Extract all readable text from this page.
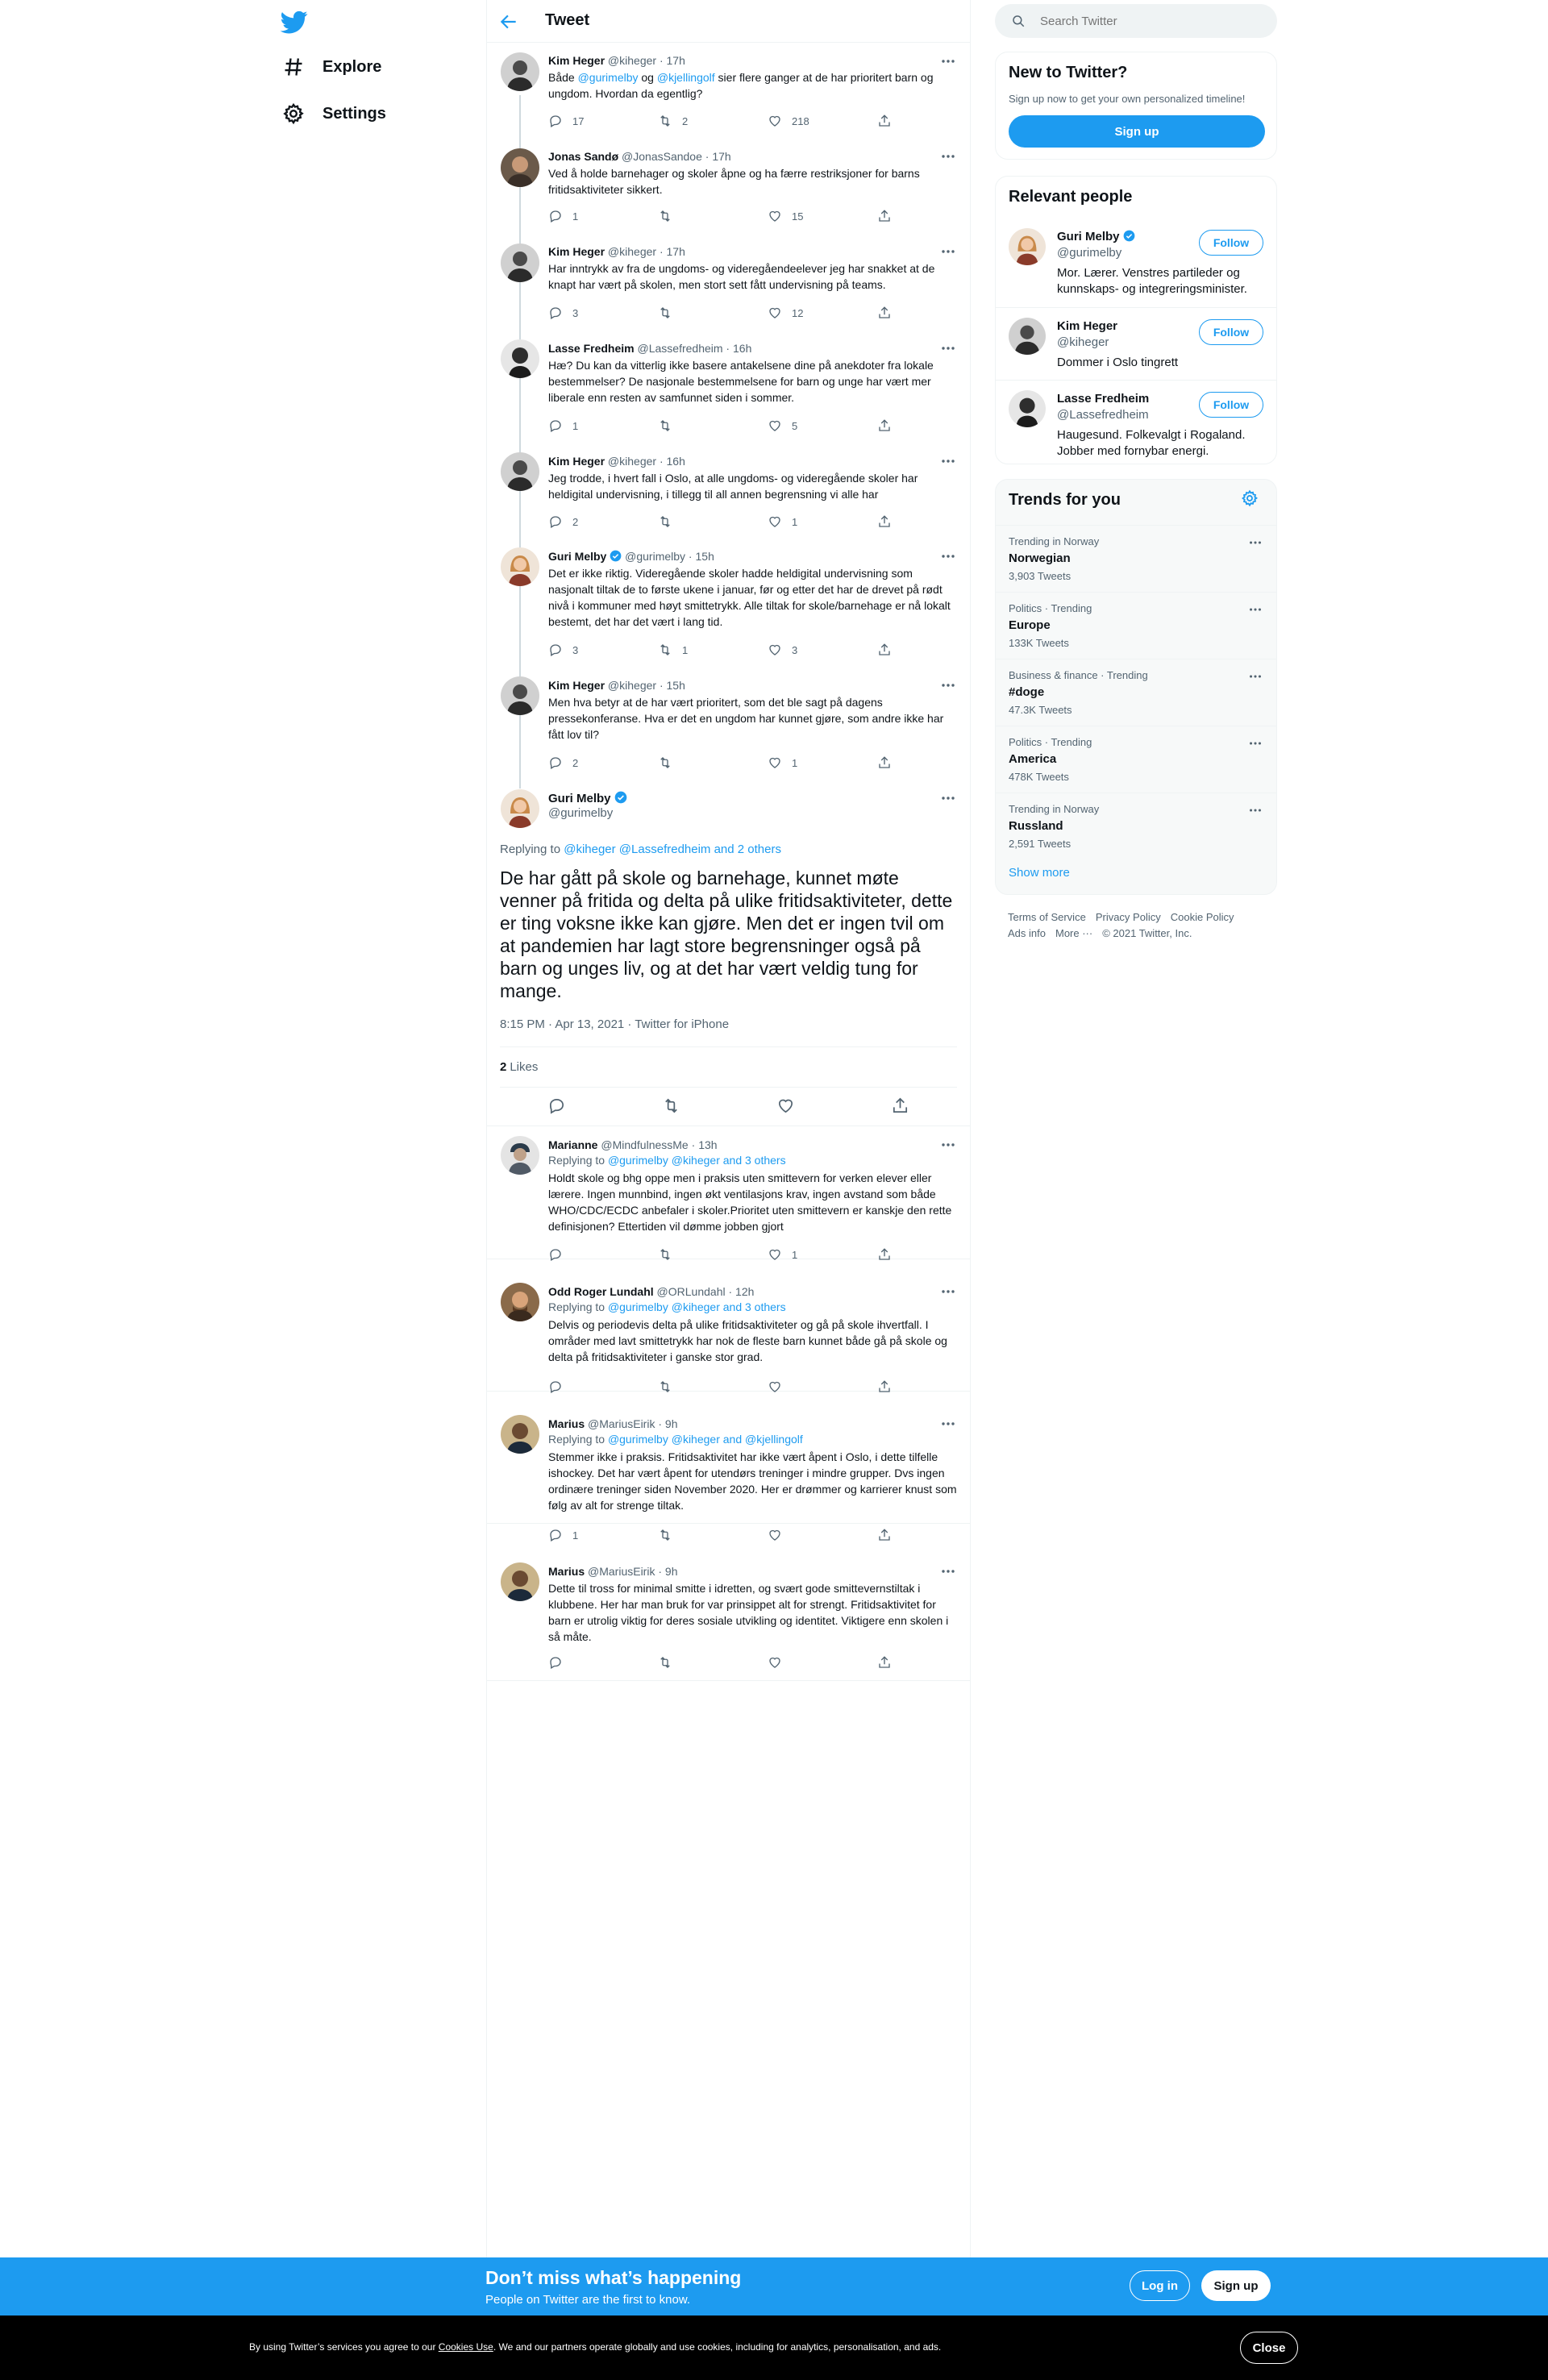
Explore
Settings
Tweet
Kim Heger @kiheger · 17h
Både @gurimelby og @kjellingolf sier flere ganger at de har prioritert barn og ungdom. Hvordan da egentlig?
17	2	218
Jonas Sandø @JonasSandoe · 17h
Ved å holde barnehager og skoler åpne og ha færre restriksjoner for barns fritidsaktiviteter sikkert.
1	15
Kim Heger @kiheger · 17h
Har inntrykk av fra de ungdoms- og videregåendeelever jeg har snakket at de knapt har vært på skolen, men stort sett fått undervisning på teams.
3	12
Lasse Fredheim @Lassefredheim · 16h
Hæ? Du kan da vitterlig ikke basere antakelsene dine på anekdoter fra lokale bestemmelser? De nasjonale bestemmelsene for barn og unge har vært mer liberale enn resten av samfunnet siden i sommer.
1	5
Kim Heger @kiheger · 16h
Jeg trodde, i hvert fall i Oslo, at alle ungdoms- og videregående skoler har heldigital undervisning, i tillegg til all annen begrensning vi alle har
2	1
Guri Melby @gurimelby · 15h
Det er ikke riktig. Videregående skoler hadde heldigital undervisning som nasjonalt tiltak de to første ukene i januar, før og etter det har de drevet på rødt nivå i kommuner med høyt smittetrykk. Alle tiltak for skole/barnehage er nå lokalt bestemt, det har det vært i lang tid.
3	1	3
Kim Heger @kiheger · 15h
Men hva betyr at de har vært prioritert, som det ble sagt på dagens pressekonferanse. Hva er det en ungdom har kunnet gjøre, som andre ikke har fått lov til?
2	1
Guri Melby
@gurimelby
Replying to @kiheger @Lassefredheim and 2 others
De har gått på skole og barnehage, kunnet møte venner på fritida og delta på ulike fritidsaktiviteter, dette er ting voksne ikke kan gjøre. Men det er ingen tvil om at pandemien har lagt store begrensninger også på barn og unges liv, og at det har vært veldig tung for mange.
8:15 PM · Apr 13, 2021 · Twitter for iPhone
2 Likes
Marianne @MindfulnessMe · 13h
Replying to @gurimelby @kiheger and 3 others
Holdt skole og bhg oppe men i praksis uten smittevern for verken elever eller lærere. Ingen munnbind, ingen økt ventilasjons krav, ingen avstand som både WHO/CDC/ECDC anbefaler i skoler.Prioritet uten smittevern er kanskje den rette definisjonen? Ettertiden vil dømme jobben gjort
1
Odd Roger Lundahl @ORLundahl · 12h
Replying to @gurimelby @kiheger and 3 others
Delvis og periodevis delta på ulike fritidsaktiviteter og gå på skole ihvertfall. I områder med lavt smittetrykk har nok de fleste barn kunnet både gå på skole og delta på fritidsaktiviteter i ganske stor grad.
Marius @MariusEirik · 9h
Replying to @gurimelby @kiheger and @kjellingolf
Stemmer ikke i praksis. Fritidsaktivitet har ikke vært åpent i Oslo, i dette tilfelle ishockey. Det har vært åpent for utendørs treninger i mindre grupper. Dvs ingen ordinære treninger siden November 2020. Her er drømmer og karrierer knust som følg av alt for strenge tiltak.
1
Marius @MariusEirik · 9h
Dette til tross for minimal smitte i idretten, og svært gode smittevernstiltak i klubbene. Her har man bruk for var prinsippet alt for strengt. Fritidsaktivitet for barn er utrolig viktig for deres sosiale utvikling og identitet. Viktigere enn skolen i så måte.
Search Twitter
New to Twitter?
Sign up now to get your own personalized timeline!
Sign up
Relevant people
Guri Melby
@gurimelby
Mor. Lærer. Venstres partileder og kunnskaps- og integreringsminister.
Follow
Kim Heger
@kiheger
Dommer i Oslo tingrett
Follow
Lasse Fredheim
@Lassefredheim
Haugesund. Folkevalgt i Rogaland. Jobber med fornybar energi.
Follow
Trends for you
Trending in Norway
Norwegian
3,903 Tweets
Politics · Trending
Europe
133K Tweets
Business & finance · Trending
#doge
47.3K Tweets
Politics · Trending
America
478K Tweets
Trending in Norway
Russland
2,591 Tweets
Show more
Terms of Service Privacy Policy Cookie Policy
Ads info More ··· © 2021 Twitter, Inc.
Don’t miss what’s happening
People on Twitter are the first to know.
Log in	Sign up
By using Twitter’s services you agree to our Cookies Use. We and our partners operate globally and use cookies, including for analytics, personalisation, and ads.	Close
